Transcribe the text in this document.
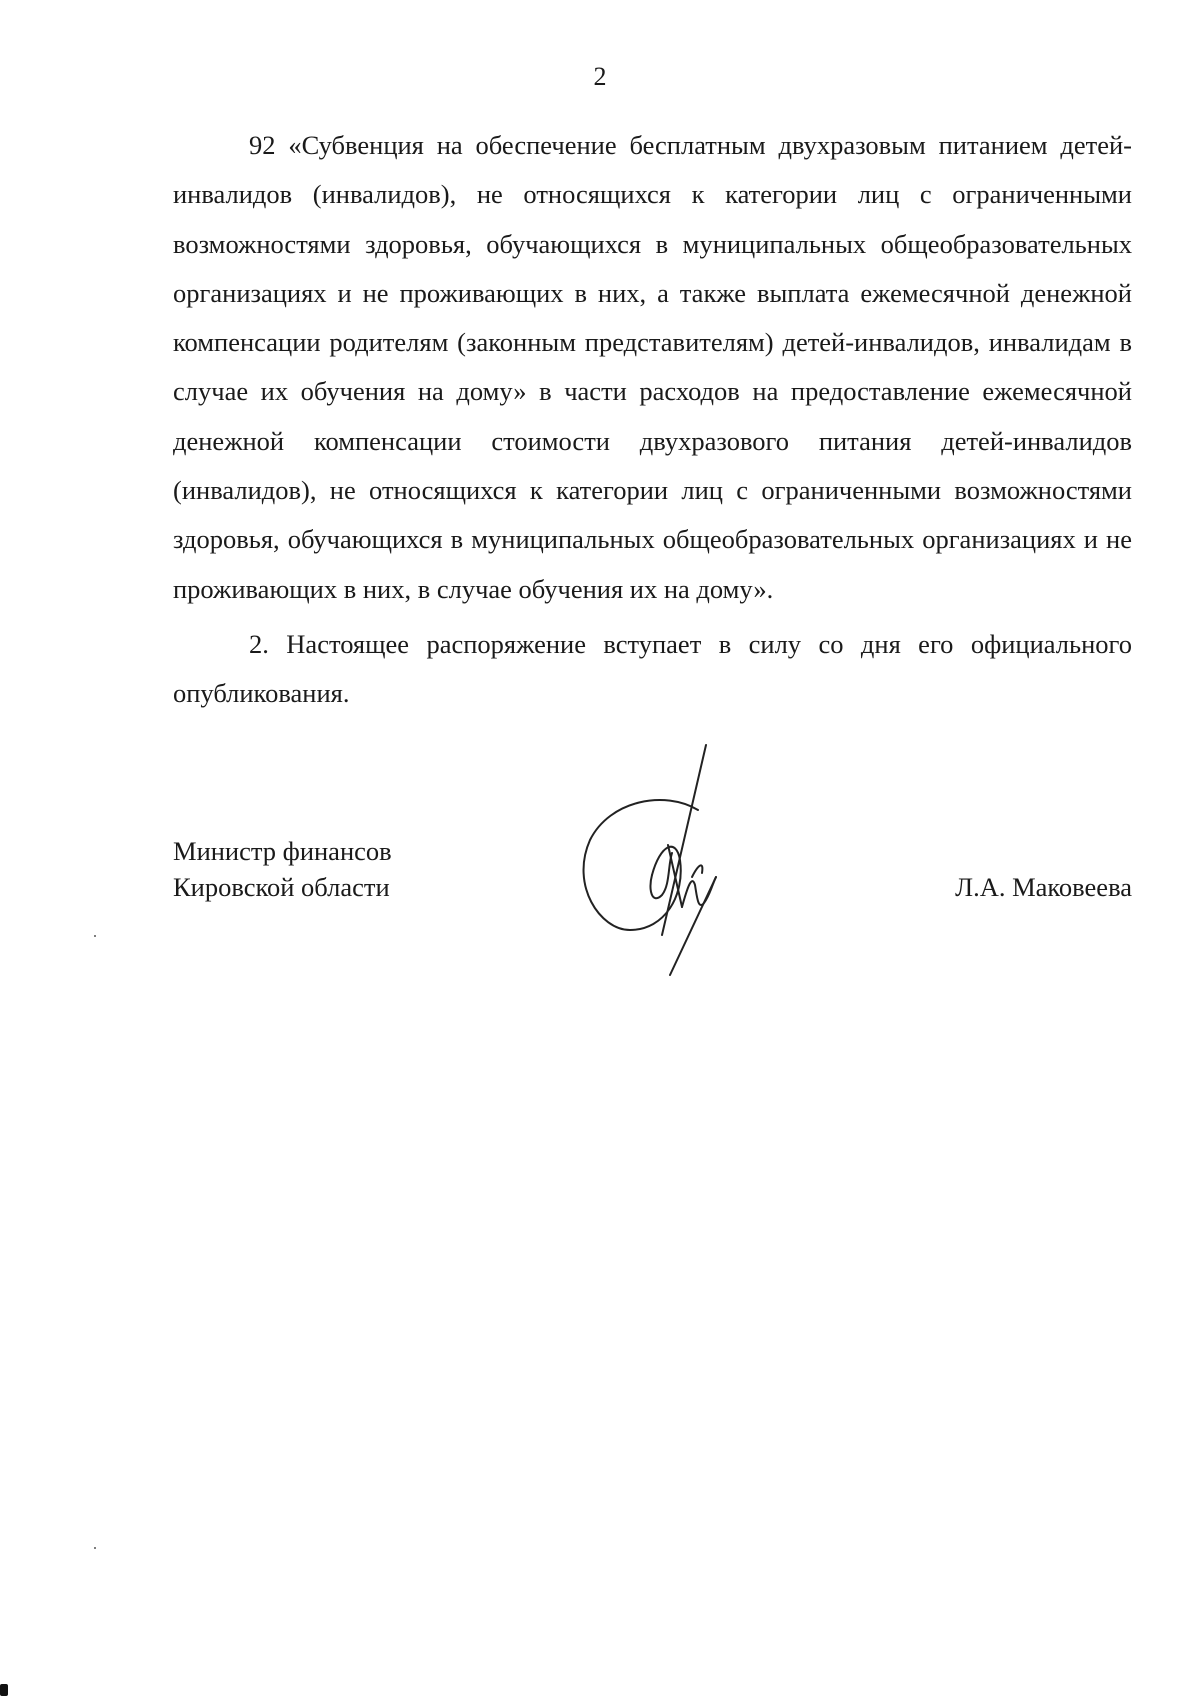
2

92 «Субвенция на обеспечение бесплатным двухразовым питанием детей-инвалидов (инвалидов), не относящихся к категории лиц с ограниченными возможностями здоровья, обучающихся в муниципальных общеобразовательных организациях и не проживающих в них, а также выплата ежемесячной денежной компенсации родителям (законным представителям) детей-инвалидов, инвалидам в случае их обучения на дому» в части расходов на предоставление ежемесячной денежной компенсации стоимости двухразового питания детей-инвалидов (инвалидов), не относящихся к категории лиц с ограниченными возможностями здоровья, обучающихся в муниципальных общеобразовательных организациях и не проживающих в них, в случае обучения их на дому».

2. Настоящее распоряжение вступает в силу со дня его официального опубликования.

Министр финансов
Кировской области	Л.А. Маковеева
